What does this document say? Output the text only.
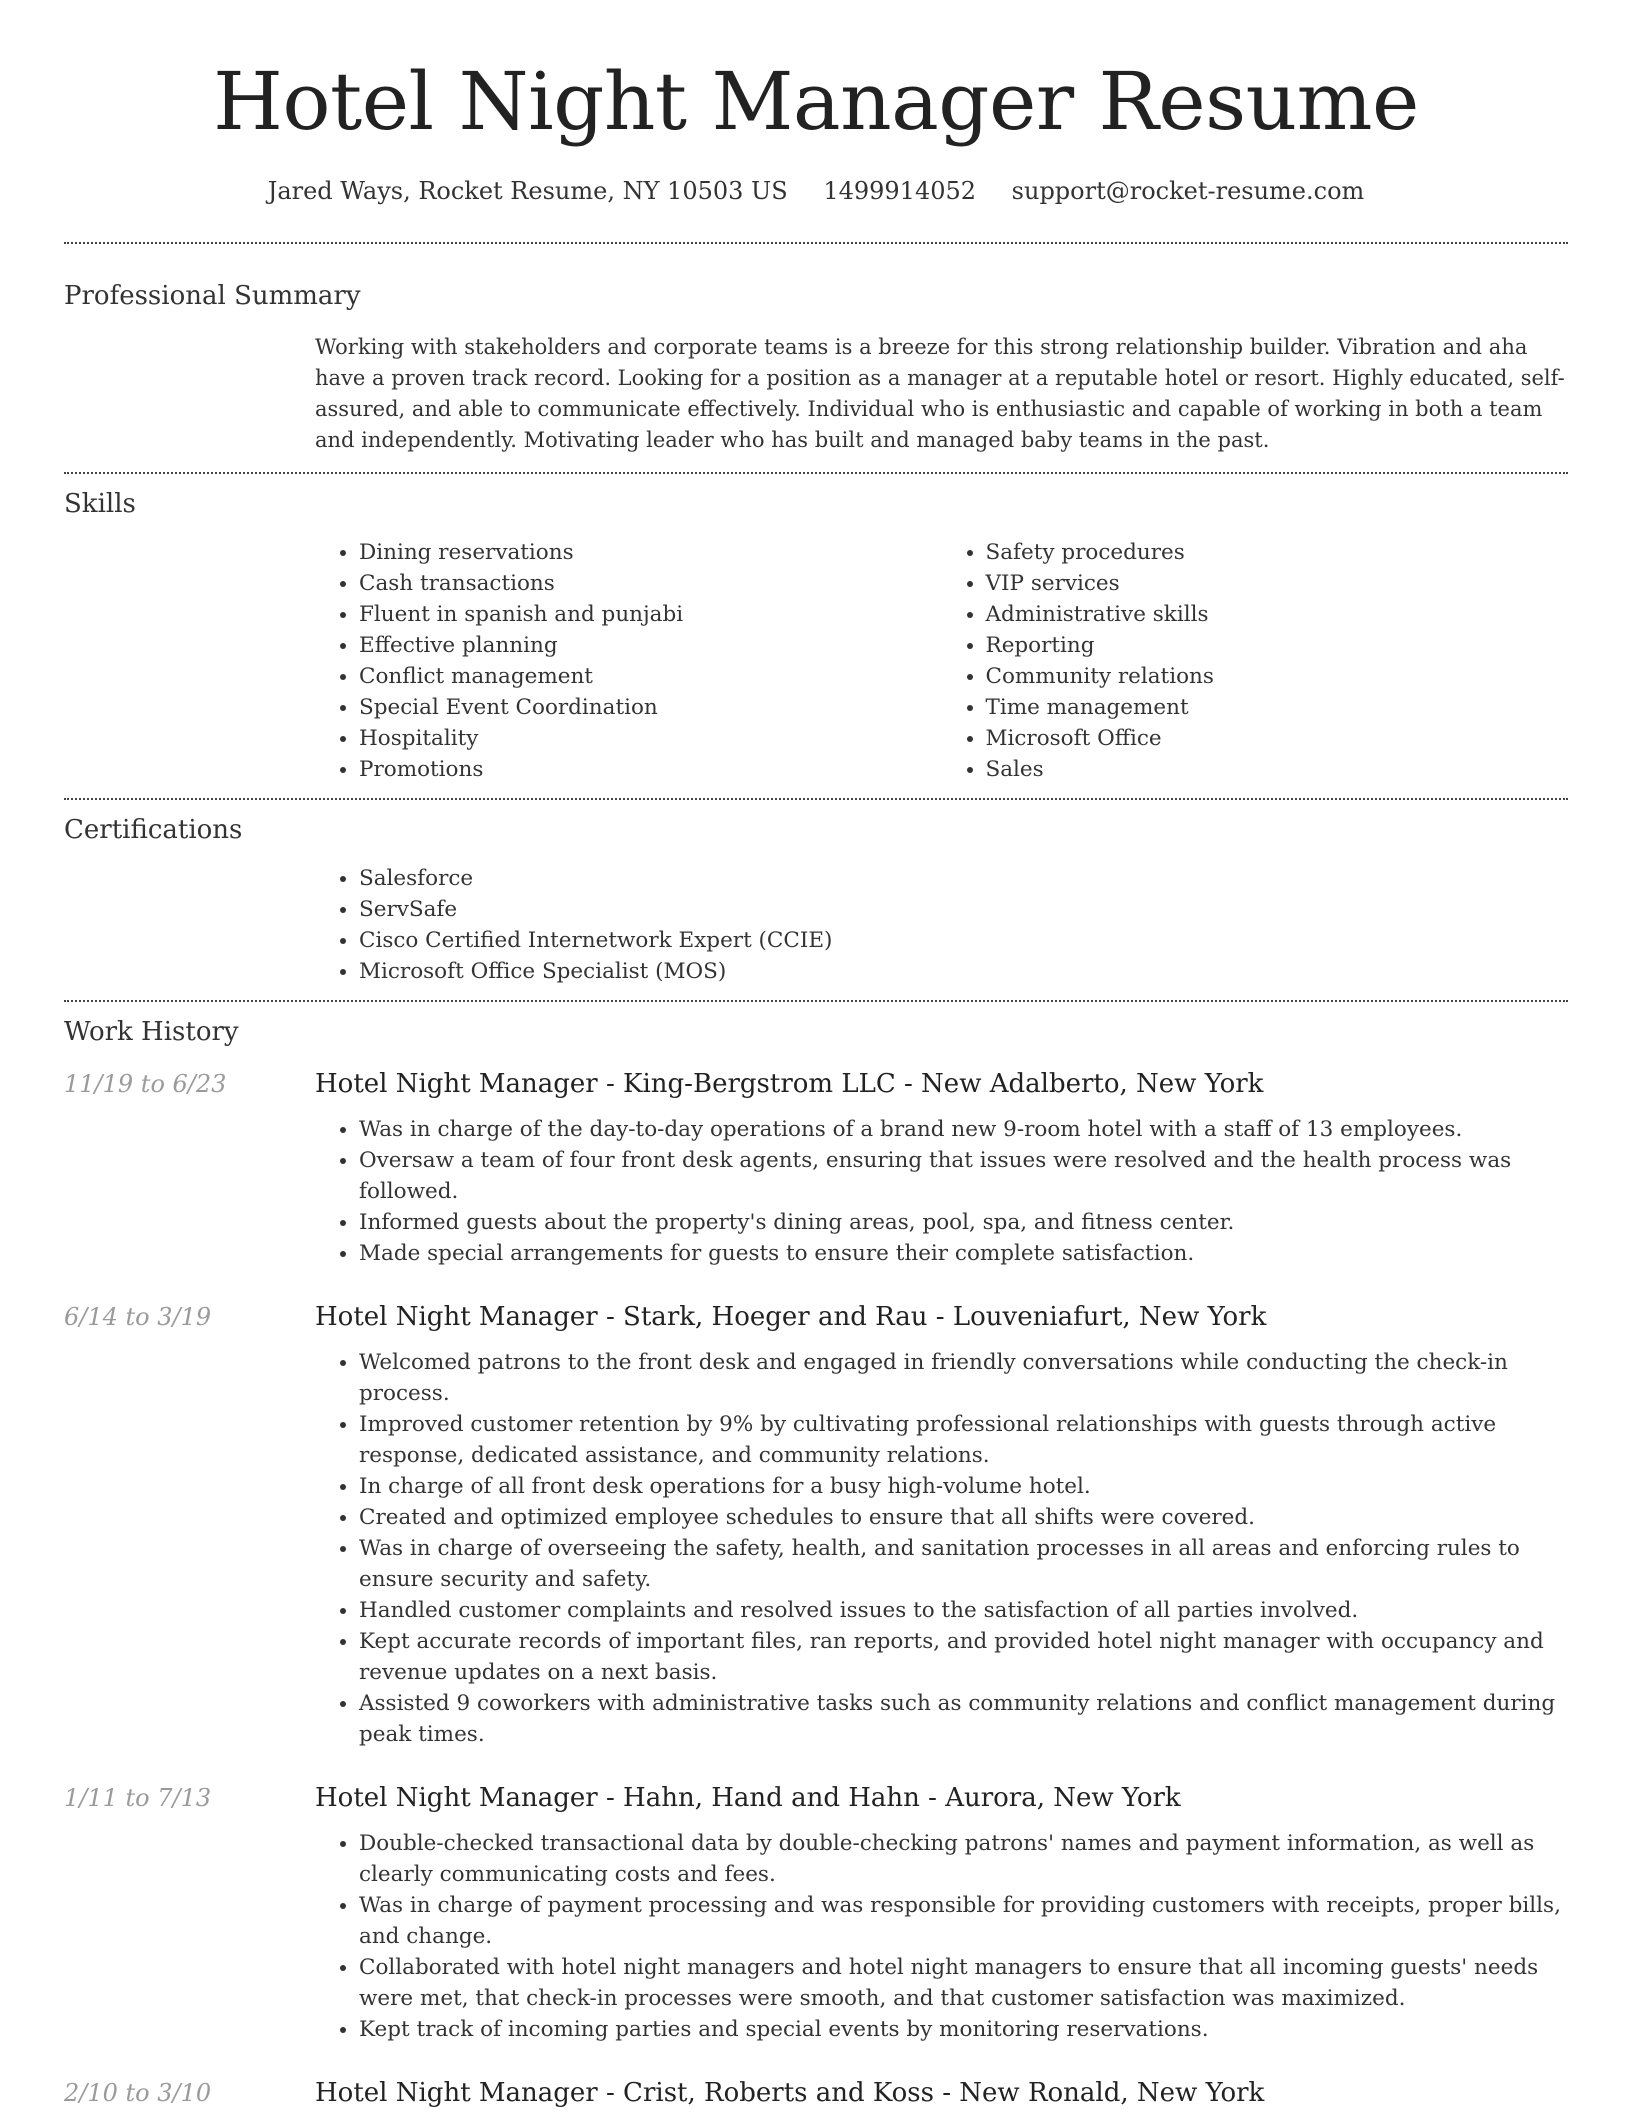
Hotel Night Manager Resume
Jared Ways, Rocket Resume, NY 10503 US 1499914052 support@rocket-resume.com
Professional Summary

Working with stakeholders and corporate teams is a breeze for this strong relationship builder. Vibration and aha have a proven track record. Looking for a position as a manager at a reputable hotel or resort. Highly educated, self-assured, and able to communicate effectively. Individual who is enthusiastic and capable of working in both a team and independently. Motivating leader who has built and managed baby teams in the past.

Skills
• Dining reservations
• Cash transactions
• Fluent in spanish and punjabi
• Effective planning
• Conflict management
• Special Event Coordination
• Hospitality
• Promotions
• Safety procedures
• VIP services
• Administrative skills
• Reporting
• Community relations
• Time management
• Microsoft Office
• Sales
Certifications
• Salesforce
• ServSafe
• Cisco Certified Internetwork Expert (CCIE)
• Microsoft Office Specialist (MOS)
Work History
11/19 to 6/23	Hotel Night Manager - King-Bergstrom LLC - New Adalberto, New York
• Was in charge of the day-to-day operations of a brand new 9-room hotel with a staff of 13 employees.
• Oversaw a team of four front desk agents, ensuring that issues were resolved and the health process was followed.
• Informed guests about the property's dining areas, pool, spa, and fitness center.
• Made special arrangements for guests to ensure their complete satisfaction.
6/14 to 3/19	Hotel Night Manager - Stark, Hoeger and Rau - Louveniafurt, New York
• Welcomed patrons to the front desk and engaged in friendly conversations while conducting the check-in process.
• Improved customer retention by 9% by cultivating professional relationships with guests through active response, dedicated assistance, and community relations.
• In charge of all front desk operations for a busy high-volume hotel.
• Created and optimized employee schedules to ensure that all shifts were covered.
• Was in charge of overseeing the safety, health, and sanitation processes in all areas and enforcing rules to ensure security and safety.
• Handled customer complaints and resolved issues to the satisfaction of all parties involved.
• Kept accurate records of important files, ran reports, and provided hotel night manager with occupancy and revenue updates on a next basis.
• Assisted 9 coworkers with administrative tasks such as community relations and conflict management during peak times.
1/11 to 7/13	Hotel Night Manager - Hahn, Hand and Hahn - Aurora, New York
• Double-checked transactional data by double-checking patrons' names and payment information, as well as clearly communicating costs and fees.
• Was in charge of payment processing and was responsible for providing customers with receipts, proper bills, and change.
• Collaborated with hotel night managers and hotel night managers to ensure that all incoming guests' needs were met, that check-in processes were smooth, and that customer satisfaction was maximized.
• Kept track of incoming parties and special events by monitoring reservations.
2/10 to 3/10	Hotel Night Manager - Crist, Roberts and Koss - New Ronald, New York
